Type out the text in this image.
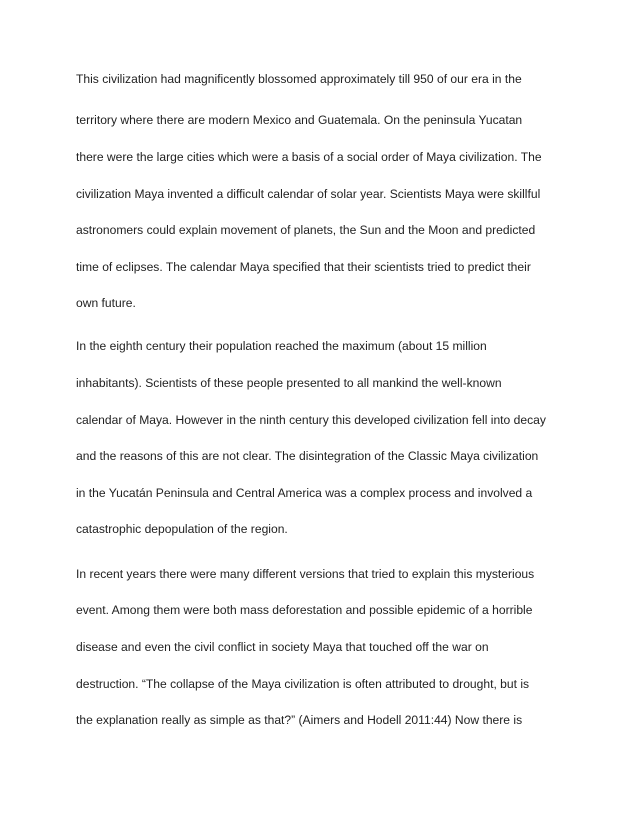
This civilization had magnificently blossomed approximately till 950 of our era in the
territory where there are modern Mexico and Guatemala. On the peninsula Yucatan
there were the large cities which were a basis of a social order of Maya civilization. The
civilization Maya invented a difficult calendar of solar year. Scientists Maya were skillful
astronomers could explain movement of planets, the Sun and the Moon and predicted
time of eclipses. The calendar Maya specified that their scientists tried to predict their
own future.
In the eighth century their population reached the maximum (about 15 million
inhabitants). Scientists of these people presented to all mankind the well-known
calendar of Maya. However in the ninth century this developed civilization fell into decay
and the reasons of this are not clear. The disintegration of the Classic Maya civilization
in the Yucatán Peninsula and Central America was a complex process and involved a
catastrophic depopulation of the region.
In recent years there were many different versions that tried to explain this mysterious
event. Among them were both mass deforestation and possible epidemic of a horrible
disease and even the civil conflict in society Maya that touched off the war on
destruction. “The collapse of the Maya civilization is often attributed to drought, but is
the explanation really as simple as that?” (Aimers and Hodell 2011:44) Now there is
